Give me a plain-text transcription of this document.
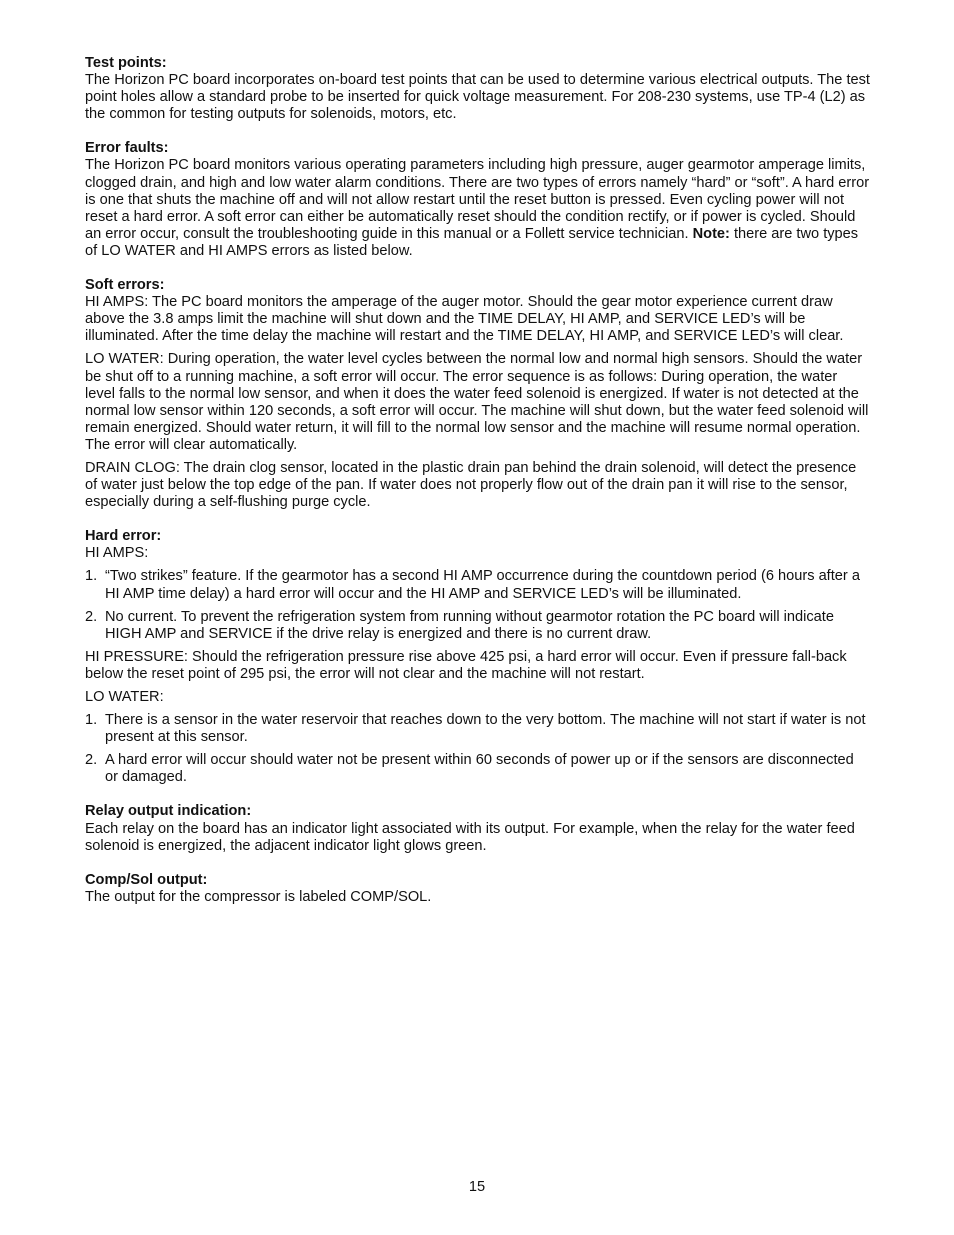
Test points:

The Horizon PC board incorporates on-board test points that can be used to determine various electrical outputs. The test point holes allow a standard probe to be inserted for quick voltage measurement. For 208-230 systems, use TP-4 (L2) as the common for testing outputs for solenoids, motors, etc.

Error faults:

The Horizon PC board monitors various operating parameters including high pressure, auger gearmotor amperage limits, clogged drain, and high and low water alarm conditions. There are two types of errors namely “hard” or “soft”. A hard error is one that shuts the machine off and will not allow restart until the reset button is pressed. Even cycling power will not reset a hard error. A soft error can either be automatically reset should the condition rectify, or if power is cycled. Should an error occur, consult the troubleshooting guide in this manual or a Follett service technician. Note: there are two types of LO WATER and HI AMPS errors as listed below.

Soft errors:

HI AMPS: The PC board monitors the amperage of the auger motor. Should the gear motor experience current draw above the 3.8 amps limit the machine will shut down and the TIME DELAY, HI AMP, and SERVICE LED’s will be illuminated. After the time delay the machine will restart and the TIME DELAY, HI AMP, and SERVICE LED’s will clear.

LO WATER: During operation, the water level cycles between the normal low and normal high sensors. Should the water be shut off to a running machine, a soft error will occur. The error sequence is as follows: During operation, the water level falls to the normal low sensor, and when it does the water feed solenoid is energized. If water is not detected at the normal low sensor within 120 seconds, a soft error will occur. The machine will shut down, but the water feed solenoid will remain energized. Should water return, it will fill to the normal low sensor and the machine will resume normal operation. The error will clear automatically.

DRAIN CLOG: The drain clog sensor, located in the plastic drain pan behind the drain solenoid, will detect the presence of water just below the top edge of the pan. If water does not properly flow out of the drain pan it will rise to the sensor, especially during a self-flushing purge cycle.

Hard error:

HI AMPS:

1. “Two strikes” feature. If the gearmotor has a second HI AMP occurrence during the countdown period (6 hours after a HI AMP time delay) a hard error will occur and the HI AMP and SERVICE LED’s will be illuminated.
2. No current. To prevent the refrigeration system from running without gearmotor rotation the PC board will indicate HIGH AMP and SERVICE if the drive relay is energized and there is no current draw.

HI PRESSURE: Should the refrigeration pressure rise above 425 psi, a hard error will occur. Even if pressure fall-back below the reset point of 295 psi, the error will not clear and the machine will not restart.

LO WATER:

1. There is a sensor in the water reservoir that reaches down to the very bottom. The machine will not start if water is not present at this sensor.
2. A hard error will occur should water not be present within 60 seconds of power up or if the sensors are disconnected or damaged.
Relay output indication:

Each relay on the board has an indicator light associated with its output. For example, when the relay for the water feed solenoid is energized, the adjacent indicator light glows green.

Comp/Sol output:

The output for the compressor is labeled COMP/SOL.

15
